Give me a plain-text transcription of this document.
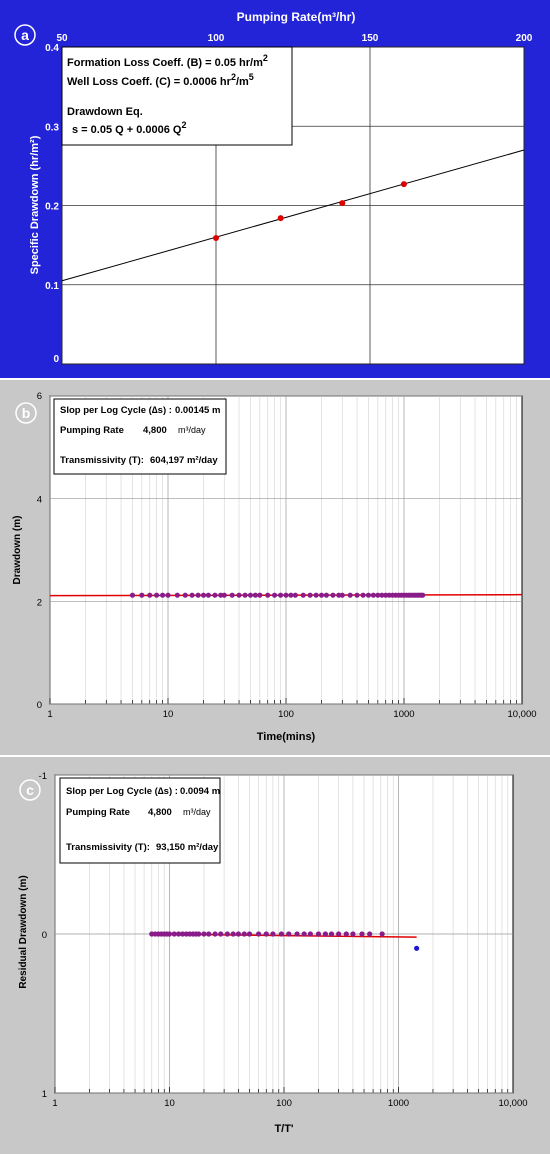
50	100	150	200
0
0.1
0.2
0.3
0.4
Pumping Rate(m³/hr)
Specific Drawdown (hr/m²)
a
Formation Loss Coeff. (B) = 0.05 $hr/m^2$
Well Loss Coeff. (C) = 0.0006 $hr^2/m^5$
Drawdown Eq.
s = 0.05 Q + 0.0006 $Q^2$
1	10	100	1000	10,000
0
2
4
6
Time(mins)
Drawdown (m)
b	Slop per Log Cycle (∆s) : 0.00145 m
Pumping Rate 4,800 m³/day
Transmissivity (T): 604,197 m²/day
1	10	100	1000	10,000
-1
0
1
T/T'
Residual Drawdown (m)
c	Slop per Log Cycle (∆s) : 0.0094 m
Pumping Rate 4,800 m³/day
Transmissivity (T): 93,150 m²/day
